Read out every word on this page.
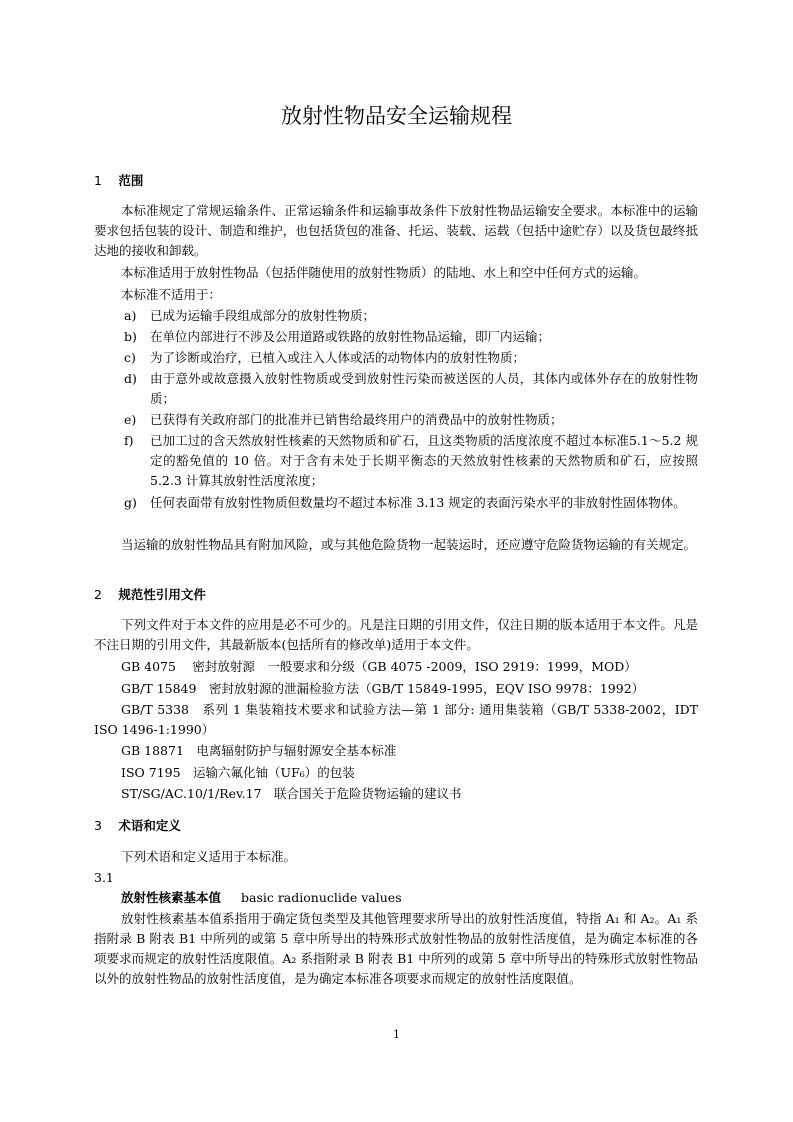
放射性物品安全运输规程
1 范围
本标准规定了常规运输条件、正常运输条件和运输事故条件下放射性物品运输安全要求。本标准中的运输要求包括包装的设计、制造和维护，也包括货包的准备、托运、装载、运载（包括中途贮存）以及货包最终抵达地的接收和卸载。
本标准适用于放射性物品（包括伴随使用的放射性物质）的陆地、水上和空中任何方式的运输。
本标准不适用于：
a)	已成为运输手段组成部分的放射性物质；
b)	在单位内部进行不涉及公用道路或铁路的放射性物品运输，即厂内运输；
c)	为了诊断或治疗，已植入或注入人体或活的动物体内的放射性物质；
d)	由于意外或故意摄入放射性物质或受到放射性污染而被送医的人员，其体内或体外存在的放射性物质；
e)	已获得有关政府部门的批准并已销售给最终用户的消费品中的放射性物质；
f)	已加工过的含天然放射性核素的天然物质和矿石，且这类物质的活度浓度不超过本标准5.1～5.2 规定的豁免值的 10 倍。对于含有未处于长期平衡态的天然放射性核素的天然物质和矿石，应按照 5.2.3 计算其放射性活度浓度；
g)	任何表面带有放射性物质但数量均不超过本标准 3.13 规定的表面污染水平的非放射性固体物体。
当运输的放射性物品具有附加风险，或与其他危险货物一起装运时，还应遵守危险货物运输的有关规定。
2 规范性引用文件
下列文件对于本文件的应用是必不可少的。凡是注日期的引用文件，仅注日期的版本适用于本文件。凡是不注日期的引用文件，其最新版本(包括所有的修改单)适用于本文件。
GB 4075　 密封放射源　一般要求和分级（GB 4075 -2009，ISO 2919：1999，MOD）
GB/T 15849　密封放射源的泄漏检验方法（GB/T 15849-1995，EQV ISO 9978：1992）
GB/T 5338　系列 1 集装箱技术要求和试验方法—第 1 部分: 通用集装箱（GB/T 5338-2002，IDT ISO 1496-1:1990）
GB 18871　电离辐射防护与辐射源安全基本标准
ISO 7195　运输六氟化铀（UF₆）的包装
ST/SG/AC.10/1/Rev.17　联合国关于危险货物运输的建议书
3 术语和定义
下列术语和定义适用于本标准。
3.1
放射性核素基本值 basic radionuclide values
放射性核素基本值系指用于确定货包类型及其他管理要求所导出的放射性活度值，特指 A₁ 和 A₂。A₁ 系指附录 B 附表 B1 中所列的或第 5 章中所导出的特殊形式放射性物品的放射性活度值，是为确定本标准的各项要求而规定的放射性活度限值。A₂ 系指附录 B 附表 B1 中所列的或第 5 章中所导出的特殊形式放射性物品以外的放射性物品的放射性活度值，是为确定本标准各项要求而规定的放射性活度限值。
1
